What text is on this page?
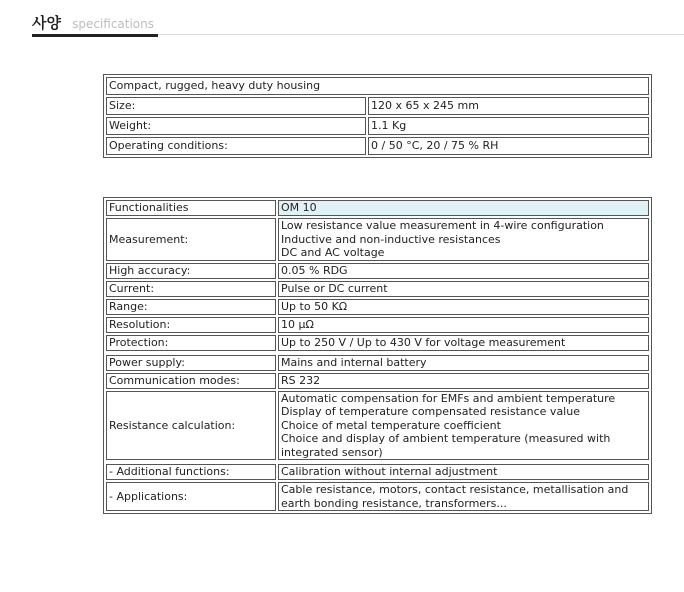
사양 specifications
Compact, rugged, heavy duty housing	
Size:	120 x 65 x 245 mm
Weight:	1.1 Kg
Operating conditions:	0 / 50 °C, 20 / 75 % RH
Functionalities	OM 10
Measurement:	Low resistance value measurement in 4-wire configuration
Inductive and non-inductive resistances
DC and AC voltage

High accuracy:	0.05 % RDG
Current:	Pulse or DC current
Range:	Up to 50 KΩ
Resolution:	10 μΩ
Protection:	Up to 250 V / Up to 430 V for voltage measurement

Power supply:	Mains and internal battery
Communication modes:	RS 232
Resistance calculation:	Automatic compensation for EMFs and ambient temperature
Display of temperature compensated resistance value
Choice of metal temperature coefficient
Choice and display of ambient temperature (measured with integrated sensor)

- Additional functions:	Calibration without internal adjustment
- Applications:	Cable resistance, motors, contact resistance, metallisation and earth bonding resistance, transformers...
